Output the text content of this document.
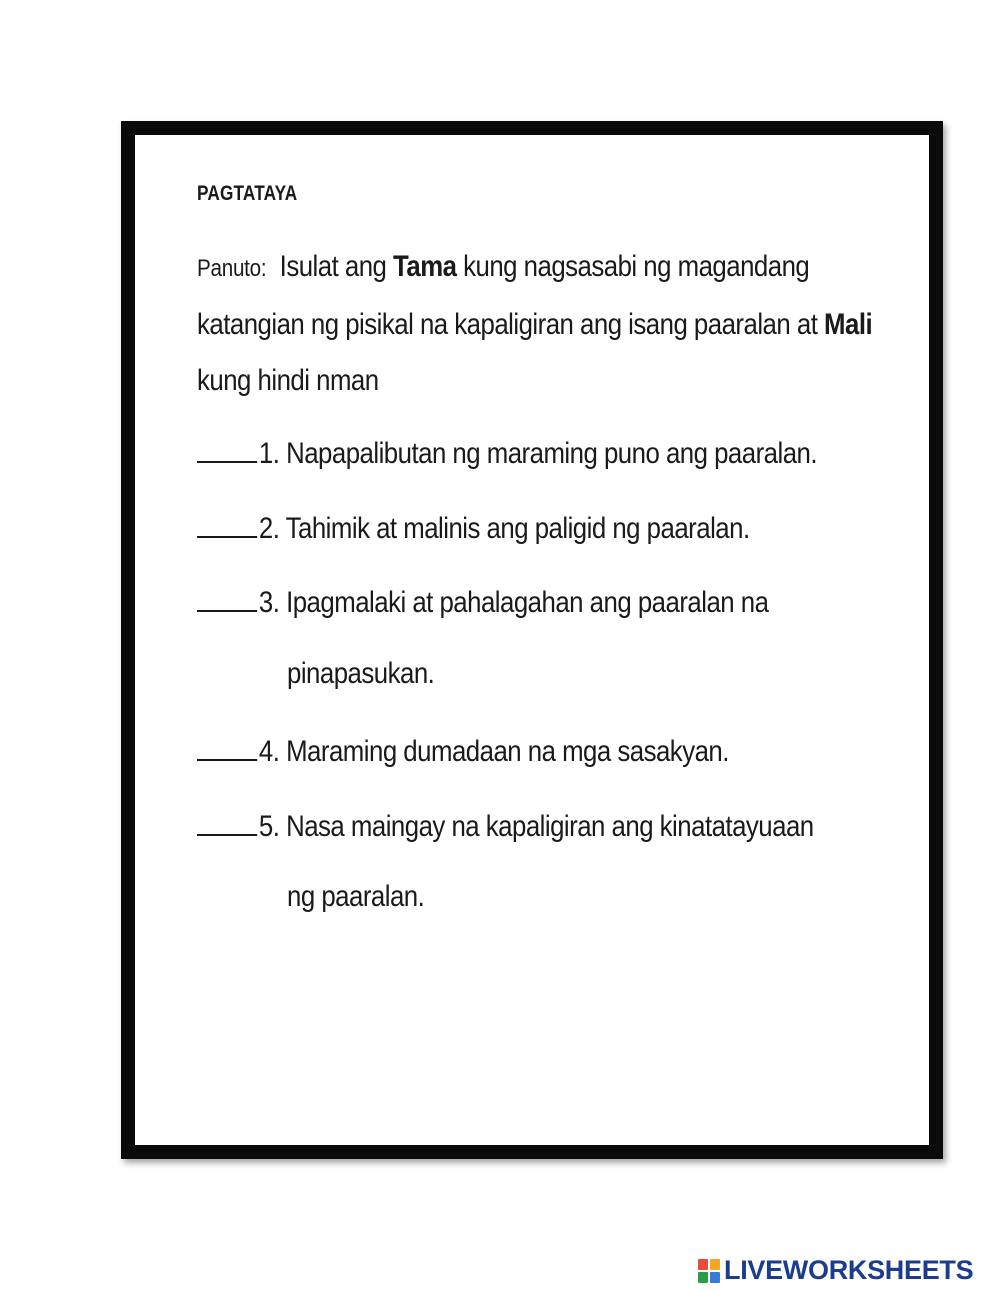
PAGTATAYA
Panuto: Isulat ang Tama kung nagsasabi ng magandang katangian ng pisikal na kapaligiran ang isang paaralan at Mali kung hindi nman
1. Napapalibutan ng maraming puno ang paaralan.
2. Tahimik at malinis ang paligid ng paaralan.
3. Ipagmalaki at pahalagahan ang paaralan na
pinapasukan.
4. Maraming dumadaan na mga sasakyan.
5. Nasa maingay na kapaligiran ang kinatatayuaan
ng paaralan.
LIVEWORKSHEETS
